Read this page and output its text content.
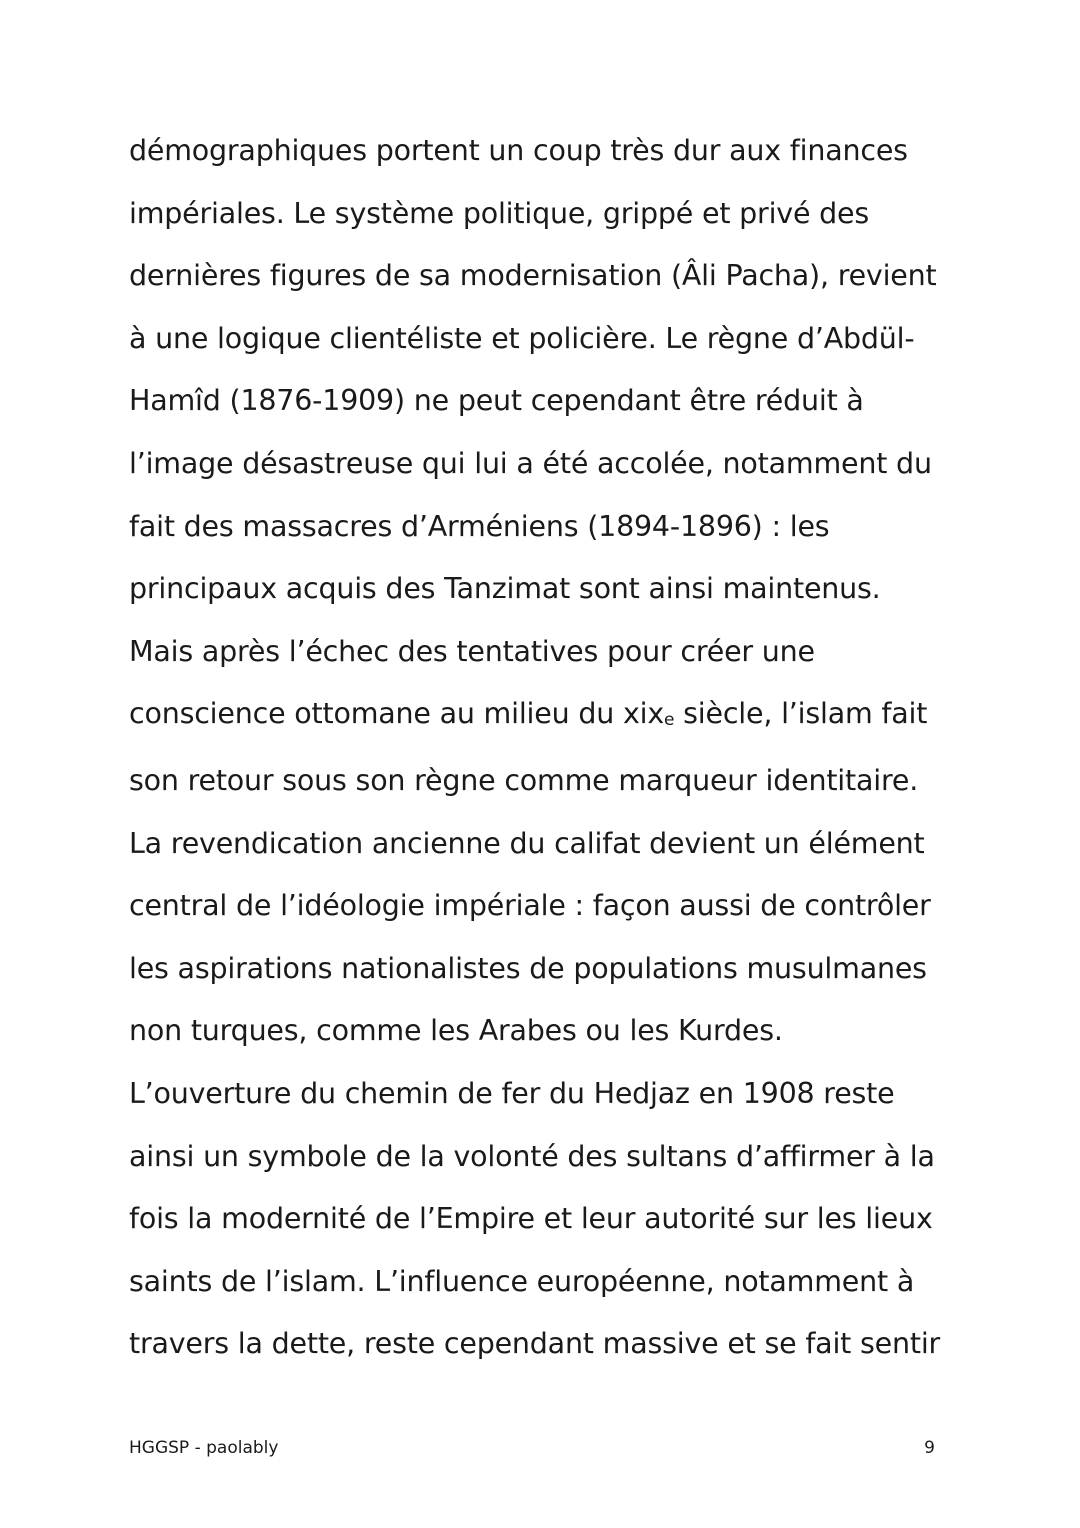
démographiques portent un coup très dur aux finances
impériales. Le système politique, grippé et privé des
dernières figures de sa modernisation (Âli Pacha), revient
à une logique clientéliste et policière. Le règne d’Abdül-
Hamîd (1876-1909) ne peut cependant être réduit à
l’image désastreuse qui lui a été accolée, notamment du
fait des massacres d’Arméniens (1894-1896) : les
principaux acquis des Tanzimat sont ainsi maintenus.
Mais après l’échec des tentatives pour créer une
conscience ottomane au milieu du xixe siècle, l’islam fait
son retour sous son règne comme marqueur identitaire.
La revendication ancienne du califat devient un élément
central de l’idéologie impériale : façon aussi de contrôler
les aspirations nationalistes de populations musulmanes
non turques, comme les Arabes ou les Kurdes.
L’ouverture du chemin de fer du Hedjaz en 1908 reste
ainsi un symbole de la volonté des sultans d’affirmer à la
fois la modernité de l’Empire et leur autorité sur les lieux
saints de l’islam. L’influence européenne, notamment à
travers la dette, reste cependant massive et se fait sentir

HGGSP - paolably	9
